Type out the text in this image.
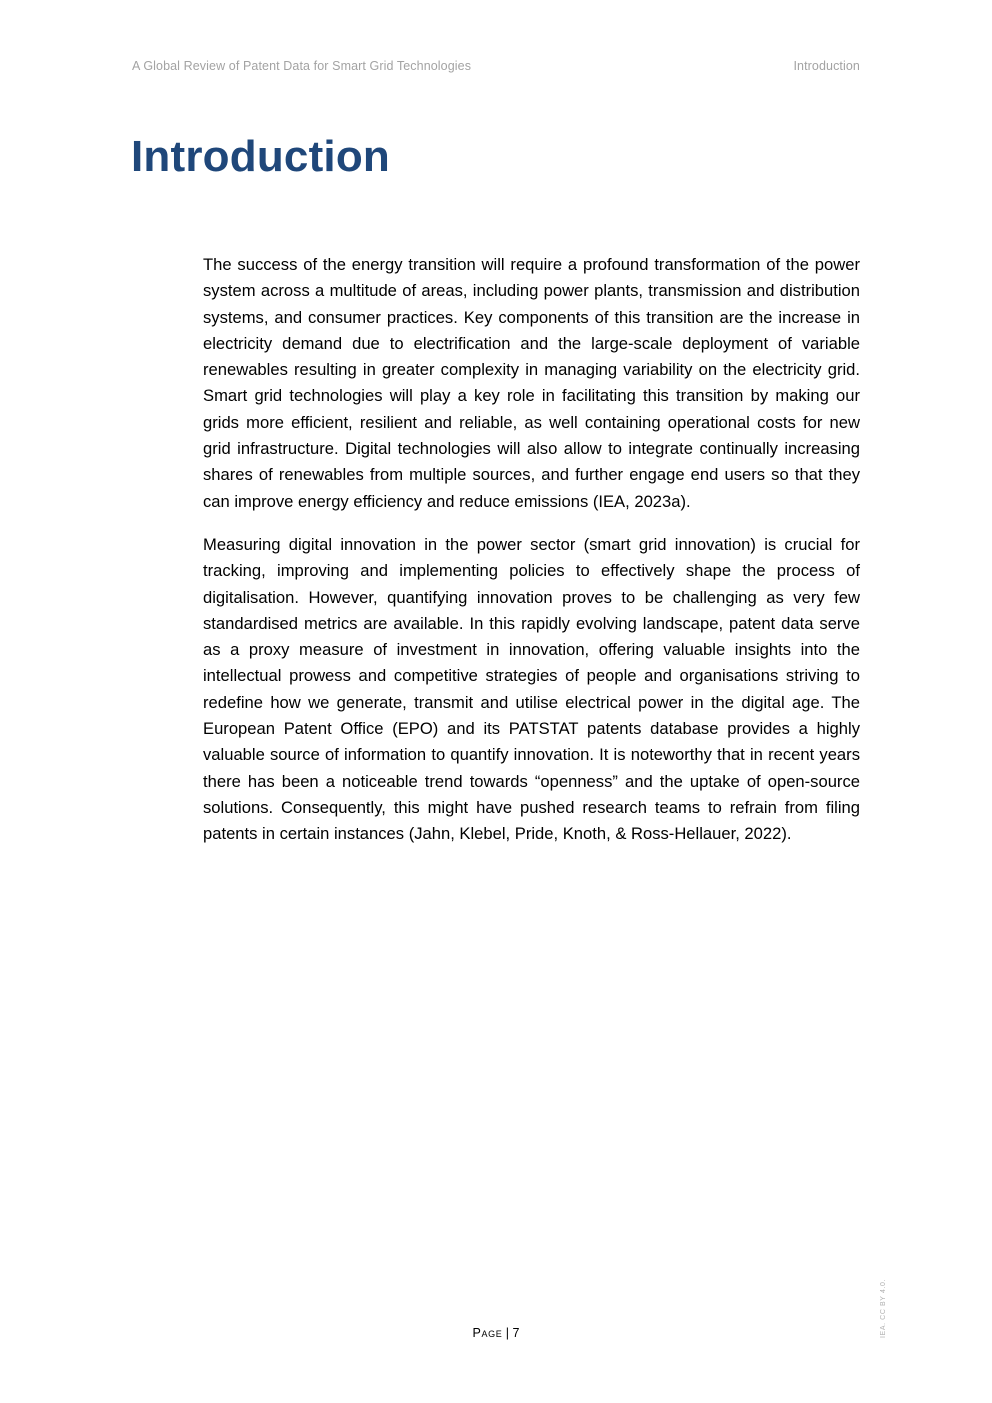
A Global Review of Patent Data for Smart Grid Technologies	Introduction
Introduction

The success of the energy transition will require a profound transformation of the power system across a multitude of areas, including power plants, transmission and distribution systems, and consumer practices. Key components of this transition are the increase in electricity demand due to electrification and the large-scale deployment of variable renewables resulting in greater complexity in managing variability on the electricity grid. Smart grid technologies will play a key role in facilitating this transition by making our grids more efficient, resilient and reliable, as well containing operational costs for new grid infrastructure. Digital technologies will also allow to integrate continually increasing shares of renewables from multiple sources, and further engage end users so that they can improve energy efficiency and reduce emissions (IEA, 2023a).

Measuring digital innovation in the power sector (smart grid innovation) is crucial for tracking, improving and implementing policies to effectively shape the process of digitalisation. However, quantifying innovation proves to be challenging as very few standardised metrics are available. In this rapidly evolving landscape, patent data serve as a proxy measure of investment in innovation, offering valuable insights into the intellectual prowess and competitive strategies of people and organisations striving to redefine how we generate, transmit and utilise electrical power in the digital age. The European Patent Office (EPO) and its PATSTAT patents database provides a highly valuable source of information to quantify innovation. It is noteworthy that in recent years there has been a noticeable trend towards “openness” and the uptake of open-source solutions. Consequently, this might have pushed research teams to refrain from filing patents in certain instances (Jahn, Klebel, Pride, Knoth, & Ross-Hellauer, 2022).

Page | 7	IEA. CC BY 4.0.
